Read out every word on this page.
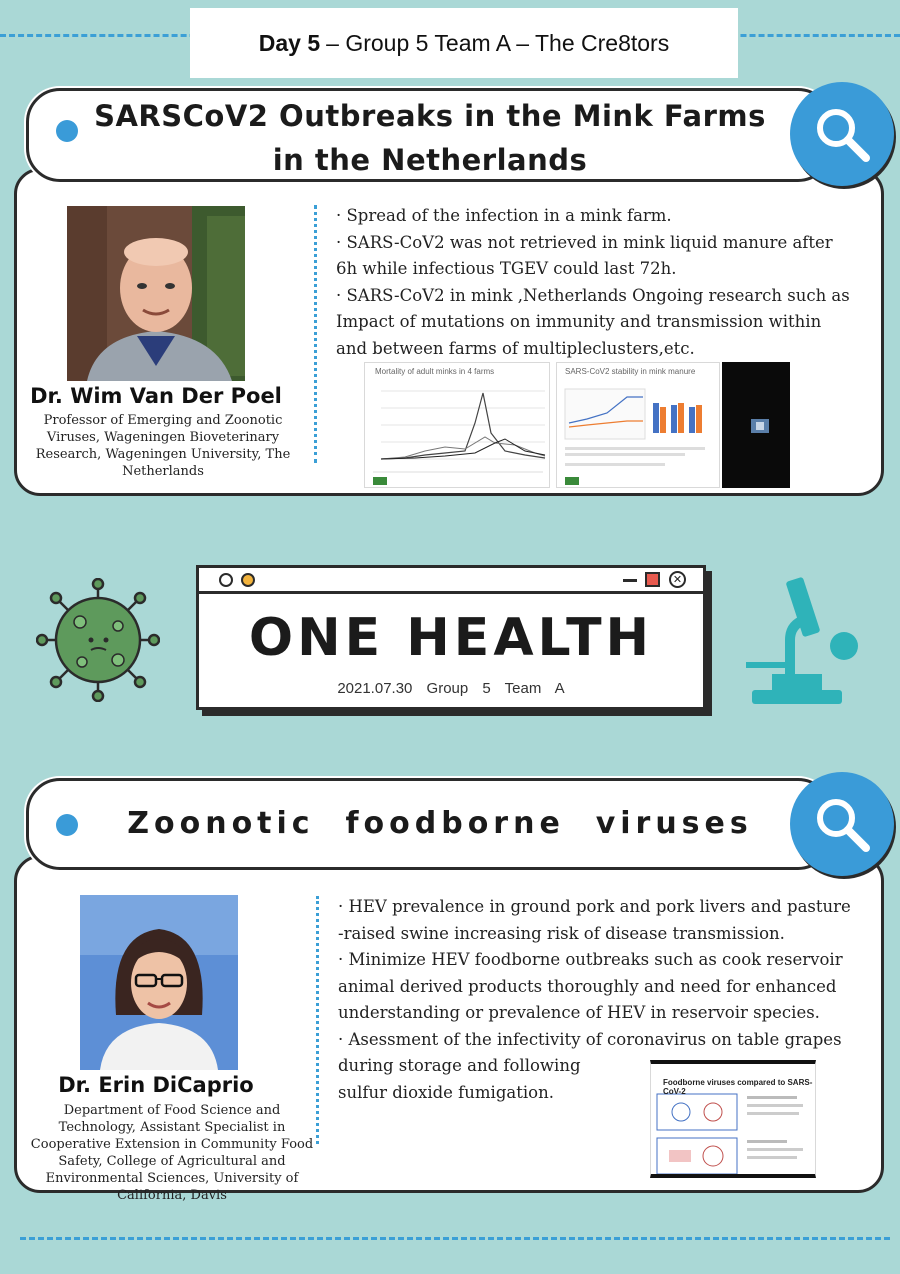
Day 5 – Group 5 Team A – The Cre8tors
SARSCoV2 Outbreaks in the Mink Farms
in the Netherlands
Dr. Wim Van Der Poel
Professor of Emerging and Zoonotic Viruses, Wageningen Bioveterinary Research, Wageningen University, The Netherlands
· Spread of the infection in a mink farm.
· SARS-CoV2 was not retrieved in mink liquid manure after
6h while infectious TGEV could last 72h.
· SARS-CoV2 in mink ,Netherlands Ongoing research such as
Impact of mutations on immunity and transmission within
and between farms of multipleclusters,etc.
Mortality of adult minks in 4 farms	SARS-CoV2 stability in mink manure
✕
ONE HEALTH
2021.07.30 Group 5 Team A
Zoonotic  foodborne  viruses
Dr. Erin DiCaprio
Department of Food Science and Technology, Assistant Specialist in Cooperative Extension in Community Food Safety, College of Agricultural and Environmental Sciences, University of California, Davis
· HEV prevalence in ground pork and pork livers and pasture
-raised swine increasing risk of disease transmission.
· Minimize HEV foodborne outbreaks such as cook reservoir
animal derived products thoroughly and need for enhanced
understanding or prevalence of HEV in reservoir species.
· Asessment of the infectivity of coronavirus on table grapes
during storage and following
sulfur dioxide fumigation.	Foodborne viruses compared to SARS-CoV-2
